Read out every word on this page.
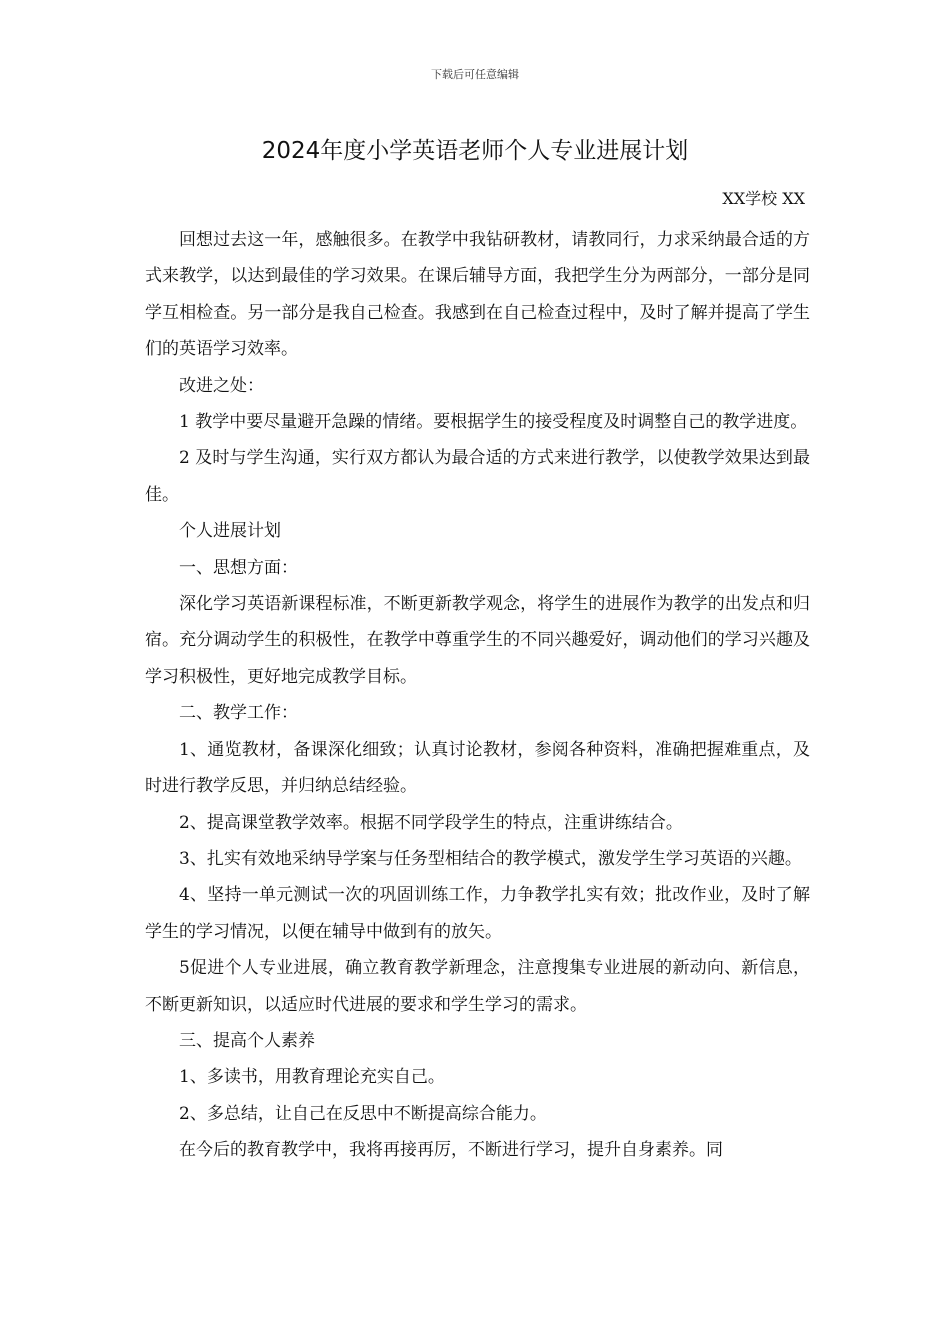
下载后可任意编辑
2024年度小学英语老师个人专业进展计划
XX学校 XX

回想过去这一年，感触很多。在教学中我钻研教材，请教同行，力求采纳最合适的方式来教学，以达到最佳的学习效果。在课后辅导方面，我把学生分为两部分，一部分是同学互相检查。另一部分是我自己检查。我感到在自己检查过程中，及时了解并提高了学生们的英语学习效率。

改进之处：

1 教学中要尽量避开急躁的情绪。要根据学生的接受程度及时调整自己的教学进度。

2 及时与学生沟通，实行双方都认为最合适的方式来进行教学，以使教学效果达到最佳。

个人进展计划

一、思想方面：

深化学习英语新课程标准，不断更新教学观念，将学生的进展作为教学的出发点和归宿。充分调动学生的积极性，在教学中尊重学生的不同兴趣爱好，调动他们的学习兴趣及学习积极性，更好地完成教学目标。

二、教学工作：

1、通览教材，备课深化细致；认真讨论教材，参阅各种资料，准确把握难重点，及时进行教学反思，并归纳总结经验。

2、提高课堂教学效率。根据不同学段学生的特点，注重讲练结合。

3、扎实有效地采纳导学案与任务型相结合的教学模式，激发学生学习英语的兴趣。

4、坚持一单元测试一次的巩固训练工作，力争教学扎实有效；批改作业，及时了解学生的学习情况，以便在辅导中做到有的放矢。

5促进个人专业进展，确立教育教学新理念，注意搜集专业进展的新动向、新信息，不断更新知识，以适应时代进展的要求和学生学习的需求。

三、提高个人素养

1、多读书，用教育理论充实自己。

2、多总结，让自己在反思中不断提高综合能力。

在今后的教育教学中，我将再接再厉，不断进行学习，提升自身素养。同
